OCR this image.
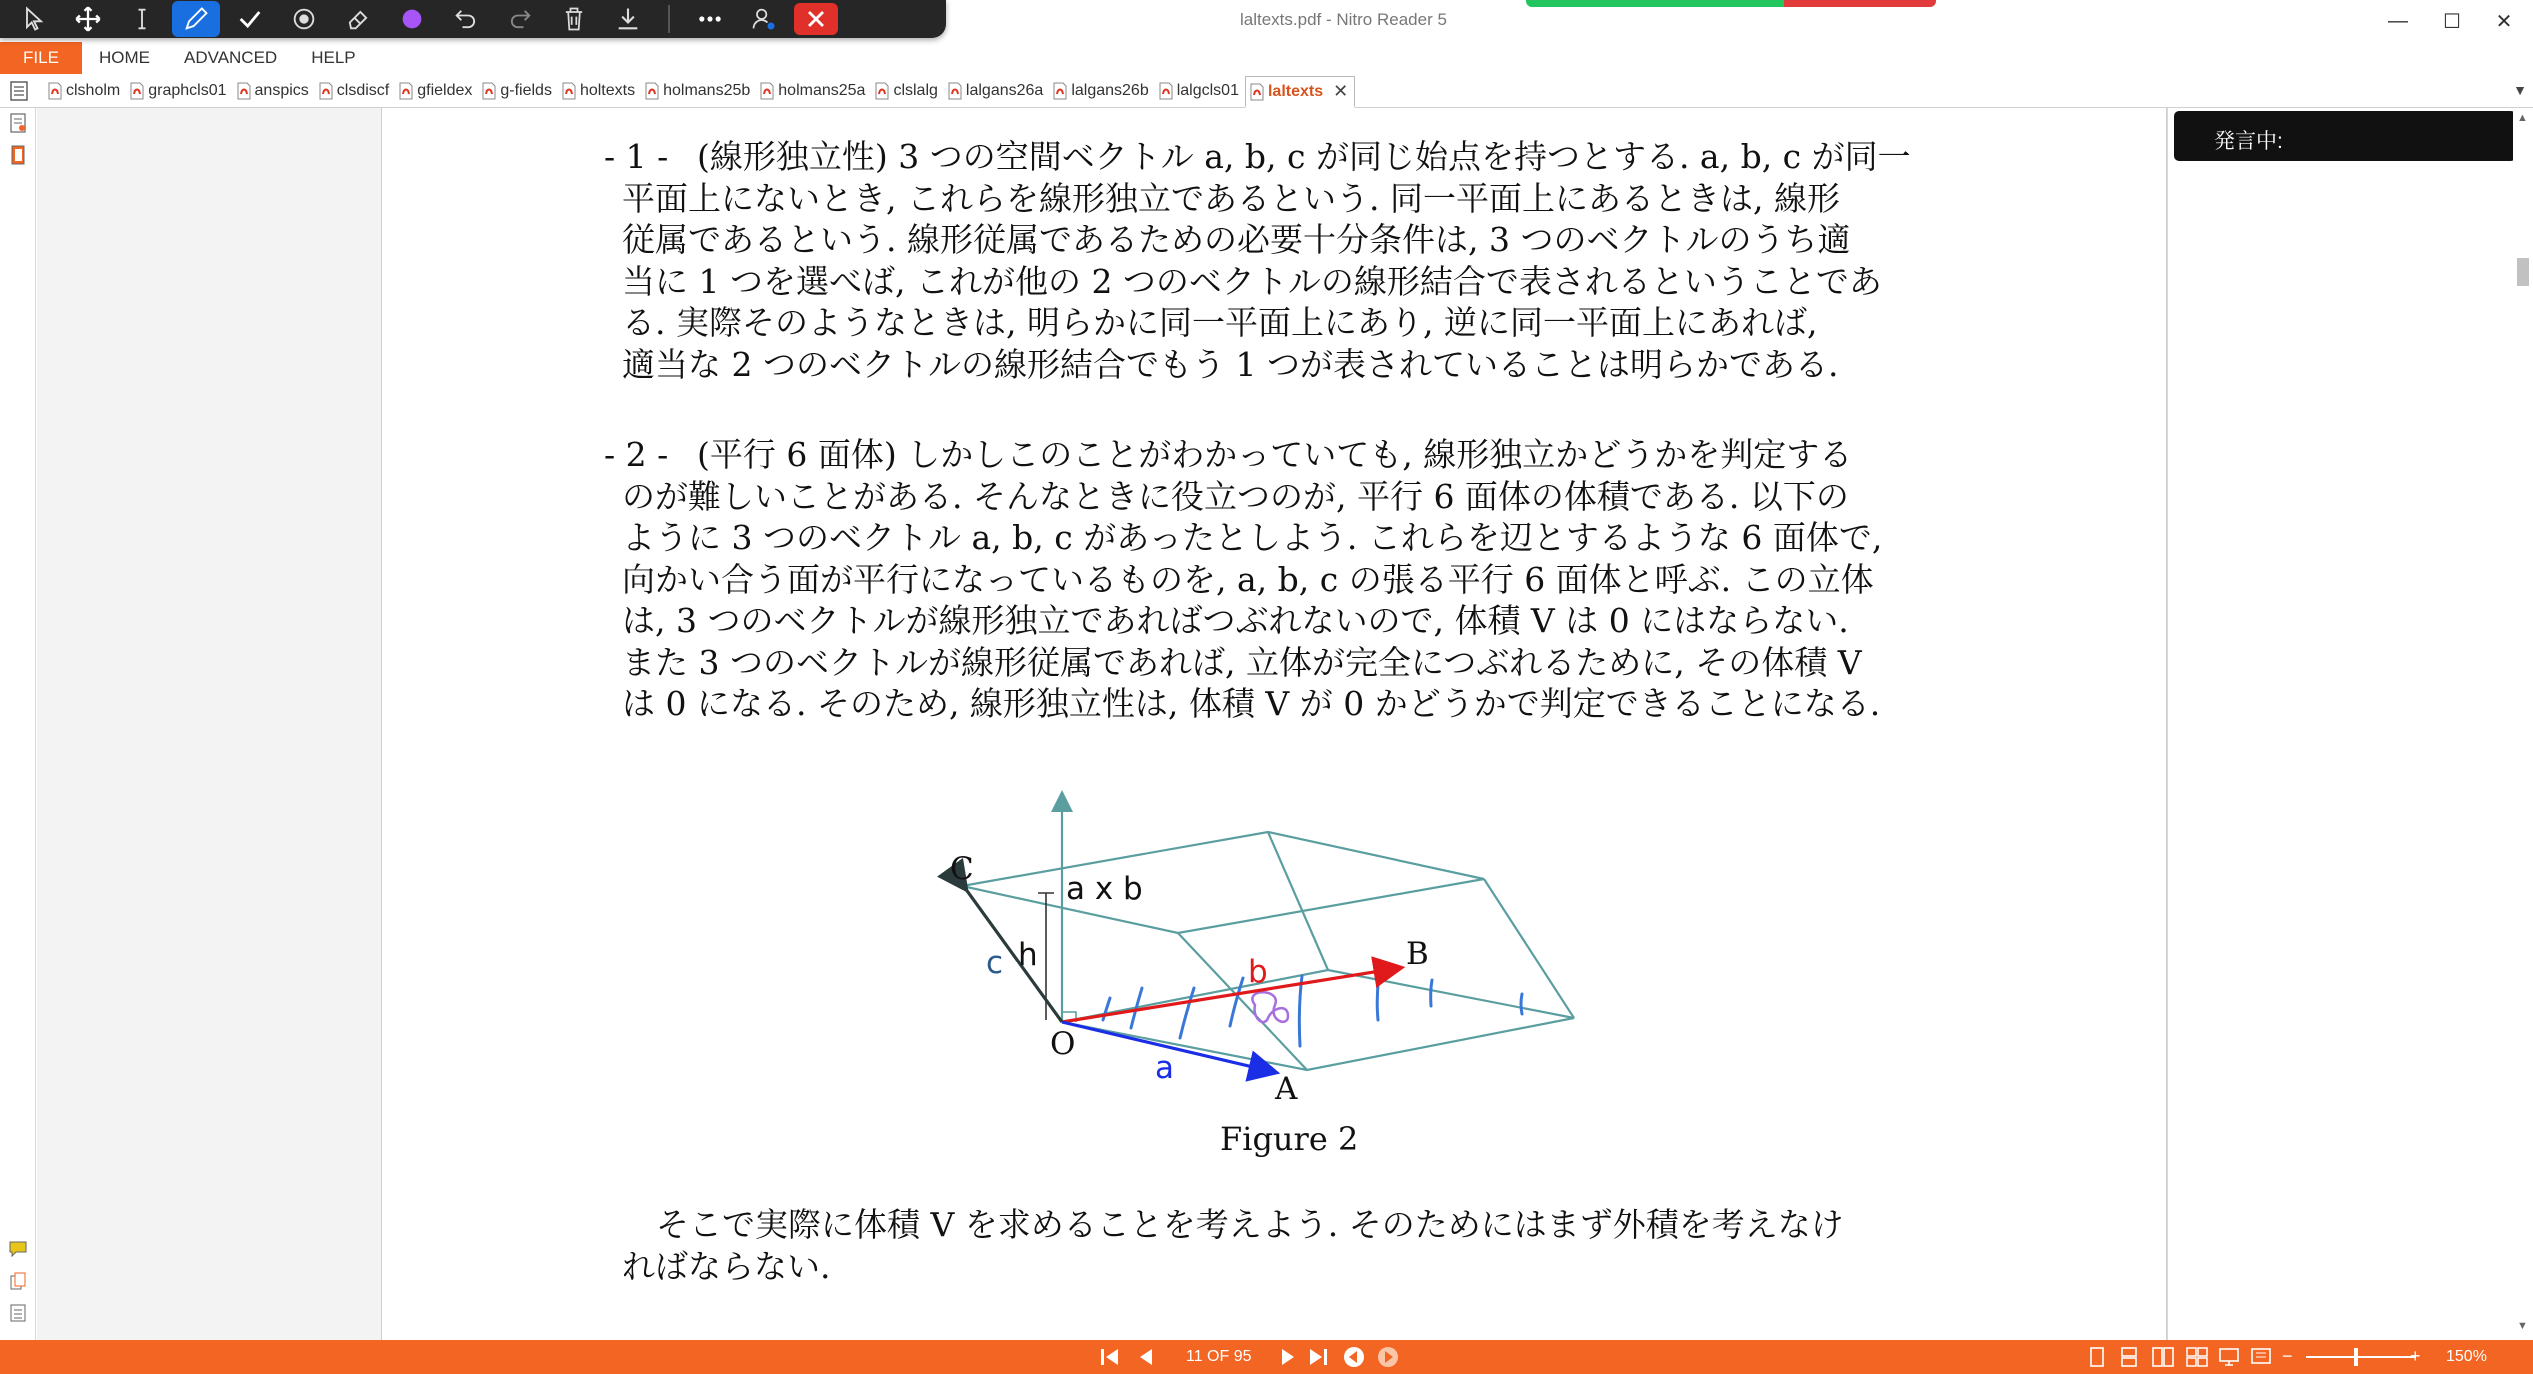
laltexts.pdf - Nitro Reader 5	—	☐	✕
FILE	HOME	ADVANCED	HELP
clsholm graphcls01 anspics clsdiscf gfieldex g-fields holtexts holmans25b holmans25a clslalg lalgans26a lalgans26b lalgcls01 laltexts ✕	▼
- 1 - (線形独立性) 3 つの空間ベクトル a, b, c が同じ始点を持つとする. a, b, c が同一
平面上にないとき, これらを線形独立であるという. 同一平面上にあるときは, 線形
従属であるという. 線形従属であるための必要十分条件は, 3 つのベクトルのうち適
当に 1 つを選べば, これが他の 2 つのベクトルの線形結合で表されるということであ
る. 実際そのようなときは, 明らかに同一平面上にあり, 逆に同一平面上にあれば,
適当な 2 つのベクトルの線形結合でもう 1 つが表されていることは明らかである.
- 2 - (平行 6 面体) しかしこのことがわかっていても, 線形独立かどうかを判定する
のが難しいことがある. そんなときに役立つのが, 平行 6 面体の体積である. 以下の
ように 3 つのベクトル a, b, c があったとしよう. これらを辺とするような 6 面体で,
向かい合う面が平行になっているものを, a, b, c の張る平行 6 面体と呼ぶ. この立体
は, 3 つのベクトルが線形独立であればつぶれないので, 体積 V は 0 にはならない.
また 3 つのベクトルが線形従属であれば, 立体が完全につぶれるために, その体積 V
は 0 になる. そのため, 線形独立性は, 体積 V が 0 かどうかで判定できることになる.
C
B
O
A
Figure 2
c h	b
a
a x b
そこで実際に体積 V を求めることを考えよう. そのためにはまず外積を考えなけ
ればならない.
発言中:
▲
▼
11 OF 95	−	+ 150%
